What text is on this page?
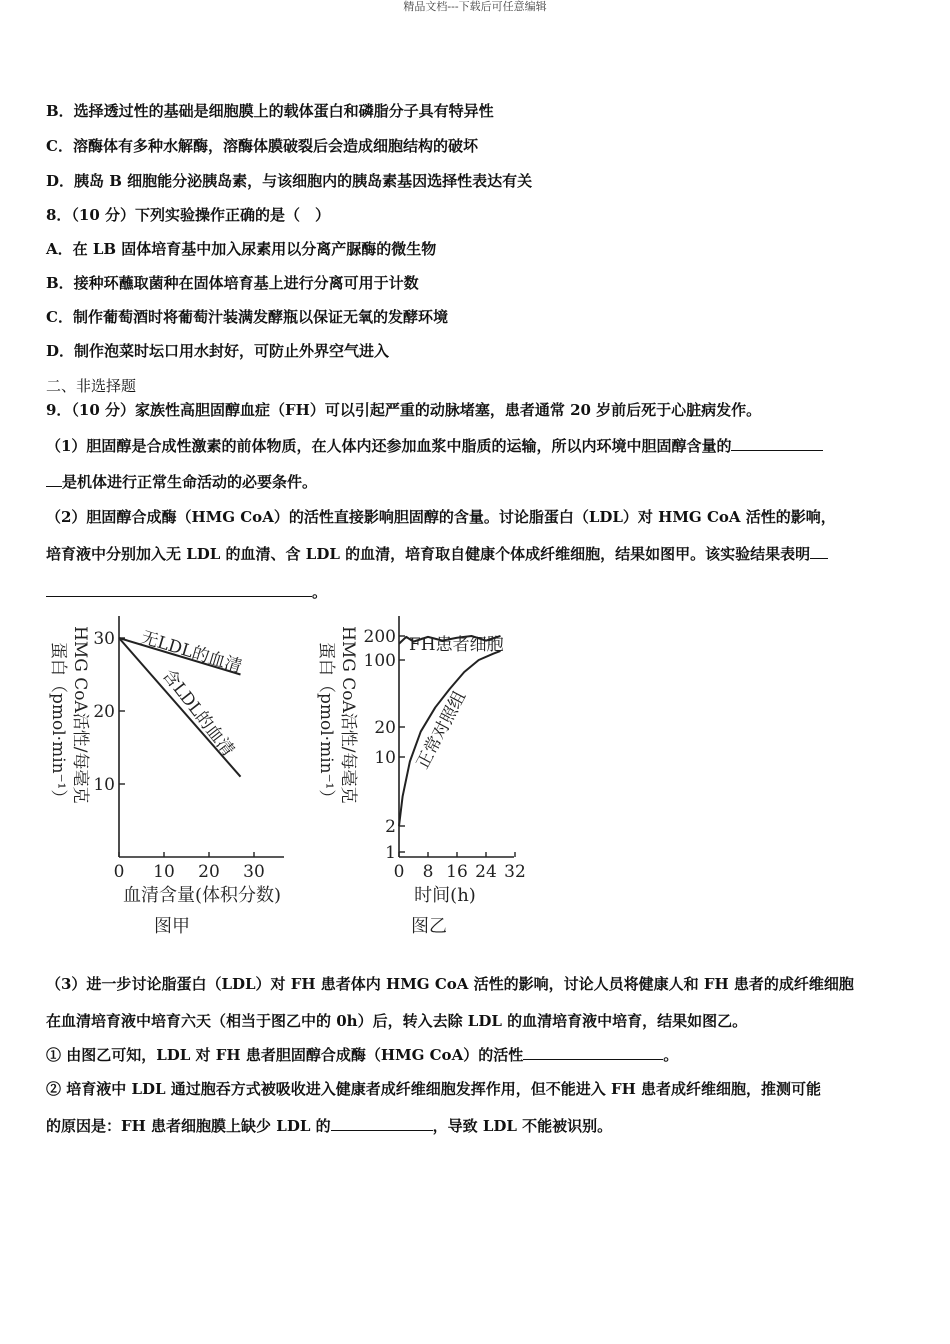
精品文档---下载后可任意编辑
B．选择透过性的基础是细胞膜上的载体蛋白和磷脂分子具有特异性
C．溶酶体有多种水解酶，溶酶体膜破裂后会造成细胞结构的破坏
D．胰岛 B 细胞能分泌胰岛素，与该细胞内的胰岛素基因选择性表达有关
8．（10 分）下列实验操作正确的是（　）
A．在 LB 固体培育基中加入尿素用以分离产脲酶的微生物
B．接种环蘸取菌种在固体培育基上进行分离可用于计数
C．制作葡萄酒时将葡萄汁装满发酵瓶以保证无氧的发酵环境
D．制作泡菜时坛口用水封好，可防止外界空气进入
二、非选择题
9．（10 分）家族性高胆固醇血症（FH）可以引起严重的动脉堵塞，患者通常 20 岁前后死于心脏病发作。
（1）胆固醇是合成性激素的前体物质，在人体内还参加血浆中脂质的运输，所以内环境中胆固醇含量的
是机体进行正常生命活动的必要条件。
（2）胆固醇合成酶（HMG CoA）的活性直接影响胆固醇的含量。讨论脂蛋白（LDL）对 HMG CoA 活性的影响，
培育液中分别加入无 LDL 的血清、含 LDL 的血清，培育取自健康个体成纤维细胞，结果如图甲。该实验结果表明
。
HMG CoA活性/每毫克
蛋白（pmol·min⁻¹）
0 10 20 30
10
20
30 无LDL的血清
含LDL的血清
血清含量(体积分数)
图甲
HMG CoA活性/每毫克
蛋白（pmol·min⁻¹）
0 8 16 24 32
1
2
10
20
100
200 FH患者细胞
正常对照组
时间(h)
图乙
（3）进一步讨论脂蛋白（LDL）对 FH 患者体内 HMG CoA 活性的影响，讨论人员将健康人和 FH 患者的成纤维细胞
在血清培育液中培育六天（相当于图乙中的 0h）后，转入去除 LDL 的血清培育液中培育，结果如图乙。
① 由图乙可知，LDL 对 FH 患者胆固醇合成酶（HMG CoA）的活性	。
② 培育液中 LDL 通过胞吞方式被吸收进入健康者成纤维细胞发挥作用，但不能进入 FH 患者成纤维细胞，推测可能
的原因是：FH 患者细胞膜上缺少 LDL 的	，导致 LDL 不能被识别。
